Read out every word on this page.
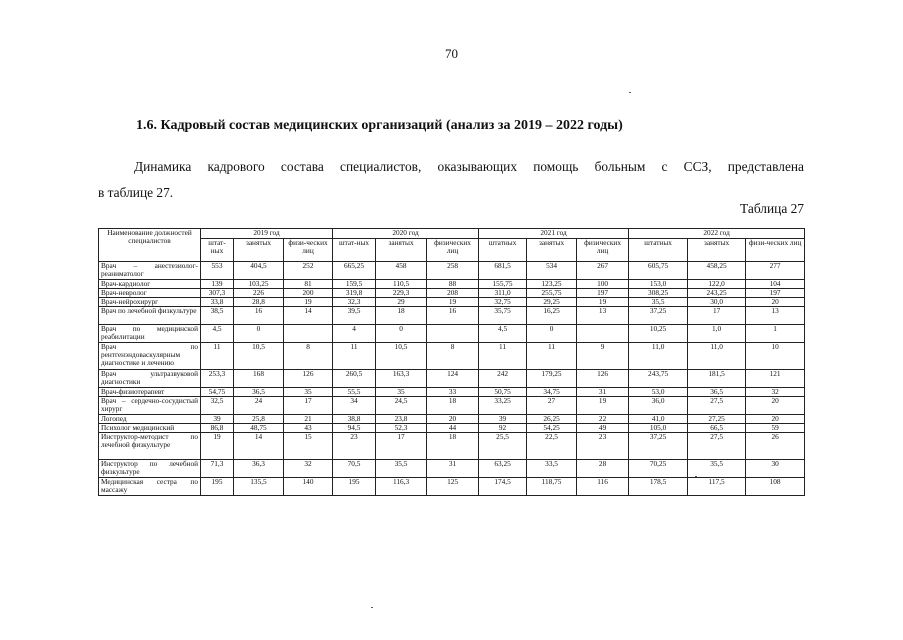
70
1.6. Кадровый состав медицинских организаций (анализ за 2019 – 2022 годы)
Динамика кадрового состава специалистов, оказывающих помощь больным с ССЗ, представлена
в таблице 27.
Таблица 27
Наименование должностей специалистов	2019 год			2020 год			2021 год			2022 год		
	штат-ных	занятых	физи-ческих лиц	штат-ных	занятых	физических лиц	штатных	занятых	физических лиц	штатных	занятых	физи-ческих лиц
Врач – анестезиолог-реаниматолог	553	404,5	252	665,25	458	258	681,5	534	267	605,75	458,25	277
Врач-кардиолог	139	103,25	81	159,5	110,5	88	155,75	123,25	100	153,0	122,0	104
Врач-невролог	307,3	226	200	319,8	229,3	208	311,0	255,75	197	308,25	243,25	197
Врач-нейрохирург	33,8	28,8	19	32,3	29	19	32,75	29,25	19	35,5	30,0	20
Врач по лечебной физкультуре	38,5	16	14	39,5	18	16	35,75	16,25	13	37,25	17	13
Врач по медицинской реабилитации	4,5	0		4	0		4,5	0		10,25	1,0	1
Врач по рентгенэндоваскулярным диагностике и лечению	11	10,5	8	11	10,5	8	11	11	9	11,0	11,0	10
Врач ультразвуковой диагностики	253,3	168	126	260,5	163,3	124	242	179,25	126	243,75	181,5	121
Врач-физиотерапевт	54,75	36,5	35	55,5	35	33	50,75	34,75	31	53,0	36,5	32
Врач – сердечно-сосудистый хирург	32,5	24	17	34	24,5	18	33,25	27	19	36,0	27,5	20
Логопед	39	25,8	21	38,8	23,8	20	39	26,25	22	41,0	27,25	20
Психолог медицинский	86,8	48,75	43	94,5	52,3	44	92	54,25	49	105,0	66,5	59
Инструктор-методист по лечебной физкультуре	19	14	15	23	17	18	25,5	22,5	23	37,25	27,5	26
Инструктор по лечебной физкультуре	71,3	36,3	32	70,5	35,5	31	63,25	33,5	28	70,25	35,5	30
Медицинская сестра по массажу	195	135,5	140	195	116,3	125	174,5	118,75	116	178,5	117,5	108
